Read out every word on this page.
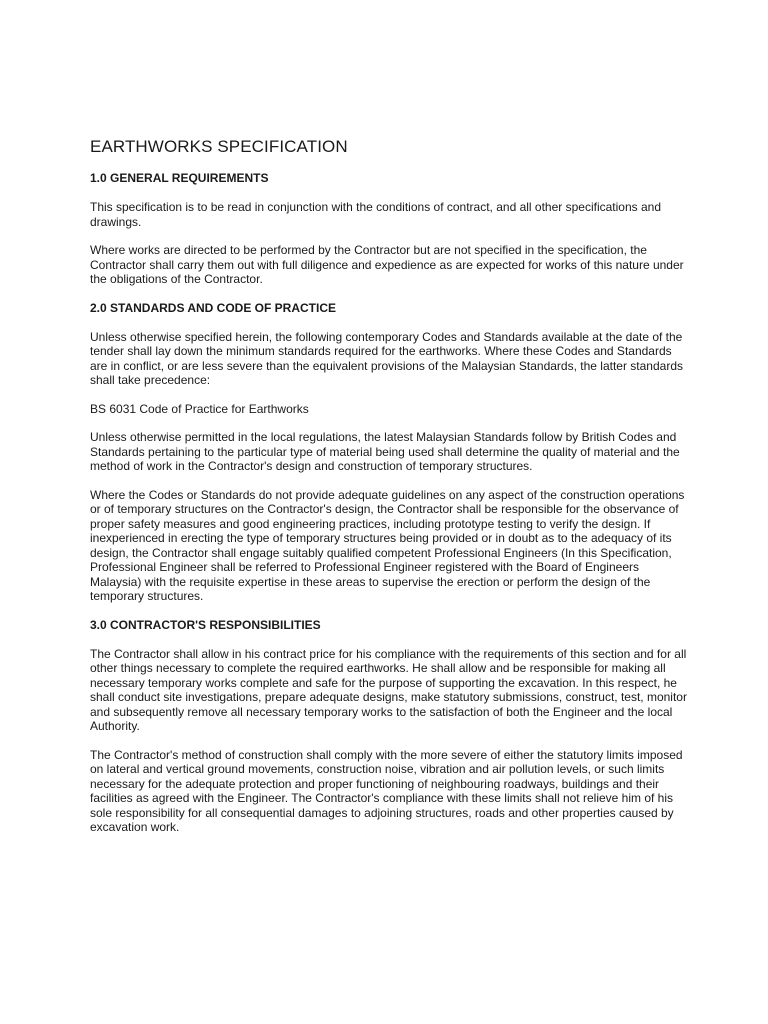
EARTHWORKS SPECIFICATION
1.0 GENERAL REQUIREMENTS

This specification is to be read in conjunction with the conditions of contract, and all other specifications and drawings.

Where works are directed to be performed by the Contractor but are not specified in the specification, the Contractor shall carry them out with full diligence and expedience as are expected for works of this nature under the obligations of the Contractor.

2.0 STANDARDS AND CODE OF PRACTICE

Unless otherwise specified herein, the following contemporary Codes and Standards available at the date of the tender shall lay down the minimum standards required for the earthworks. Where these Codes and Standards are in conflict, or are less severe than the equivalent provisions of the Malaysian Standards, the latter standards shall take precedence:

BS 6031 Code of Practice for Earthworks

Unless otherwise permitted in the local regulations, the latest Malaysian Standards follow by British Codes and Standards pertaining to the particular type of material being used shall determine the quality of material and the method of work in the Contractor's design and construction of temporary structures.

Where the Codes or Standards do not provide adequate guidelines on any aspect of the construction operations or of temporary structures on the Contractor's design, the Contractor shall be responsible for the observance of proper safety measures and good engineering practices, including prototype testing to verify the design. If inexperienced in erecting the type of temporary structures being provided or in doubt as to the adequacy of its design, the Contractor shall engage suitably qualified competent Professional Engineers (In this Specification, Professional Engineer shall be referred to Professional Engineer registered with the Board of Engineers Malaysia) with the requisite expertise in these areas to supervise the erection or perform the design of the temporary structures.

3.0 CONTRACTOR'S RESPONSIBILITIES

The Contractor shall allow in his contract price for his compliance with the requirements of this section and for all other things necessary to complete the required earthworks. He shall allow and be responsible for making all necessary temporary works complete and safe for the purpose of supporting the excavation. In this respect, he shall conduct site investigations, prepare adequate designs, make statutory submissions, construct, test, monitor and subsequently remove all necessary temporary works to the satisfaction of both the Engineer and the local Authority.

The Contractor's method of construction shall comply with the more severe of either the statutory limits imposed on lateral and vertical ground movements, construction noise, vibration and air pollution levels, or such limits necessary for the adequate protection and proper functioning of neighbouring roadways, buildings and their facilities as agreed with the Engineer. The Contractor's compliance with these limits shall not relieve him of his sole responsibility for all consequential damages to adjoining structures, roads and other properties caused by excavation work.
